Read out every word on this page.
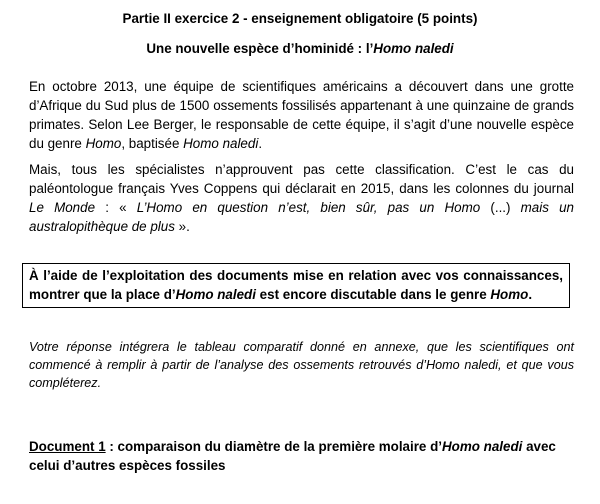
Partie II exercice 2 - enseignement obligatoire (5 points)

Une nouvelle espèce d’hominidé : l’Homo naledi

En octobre 2013, une équipe de scientifiques américains a découvert dans une grotte d’Afrique du Sud plus de 1500 ossements fossilisés appartenant à une quinzaine de grands primates. Selon Lee Berger, le responsable de cette équipe, il s’agit d’une nouvelle espèce du genre Homo, baptisée Homo naledi.

Mais, tous les spécialistes n’approuvent pas cette classification. C’est le cas du paléontologue français Yves Coppens qui déclarait en 2015, dans les colonnes du journal Le Monde : « L’Homo en question n’est, bien sûr, pas un Homo (...) mais un australopithèque de plus ».

À l’aide de l’exploitation des documents mise en relation avec vos connaissances, montrer que la place d’Homo naledi est encore discutable dans le genre Homo.

Votre réponse intégrera le tableau comparatif donné en annexe, que les scientifiques ont commencé à remplir à partir de l’analyse des ossements retrouvés d’Homo naledi, et que vous compléterez.

Document 1 : comparaison du diamètre de la première molaire d’Homo naledi avec celui d’autres espèces fossiles
